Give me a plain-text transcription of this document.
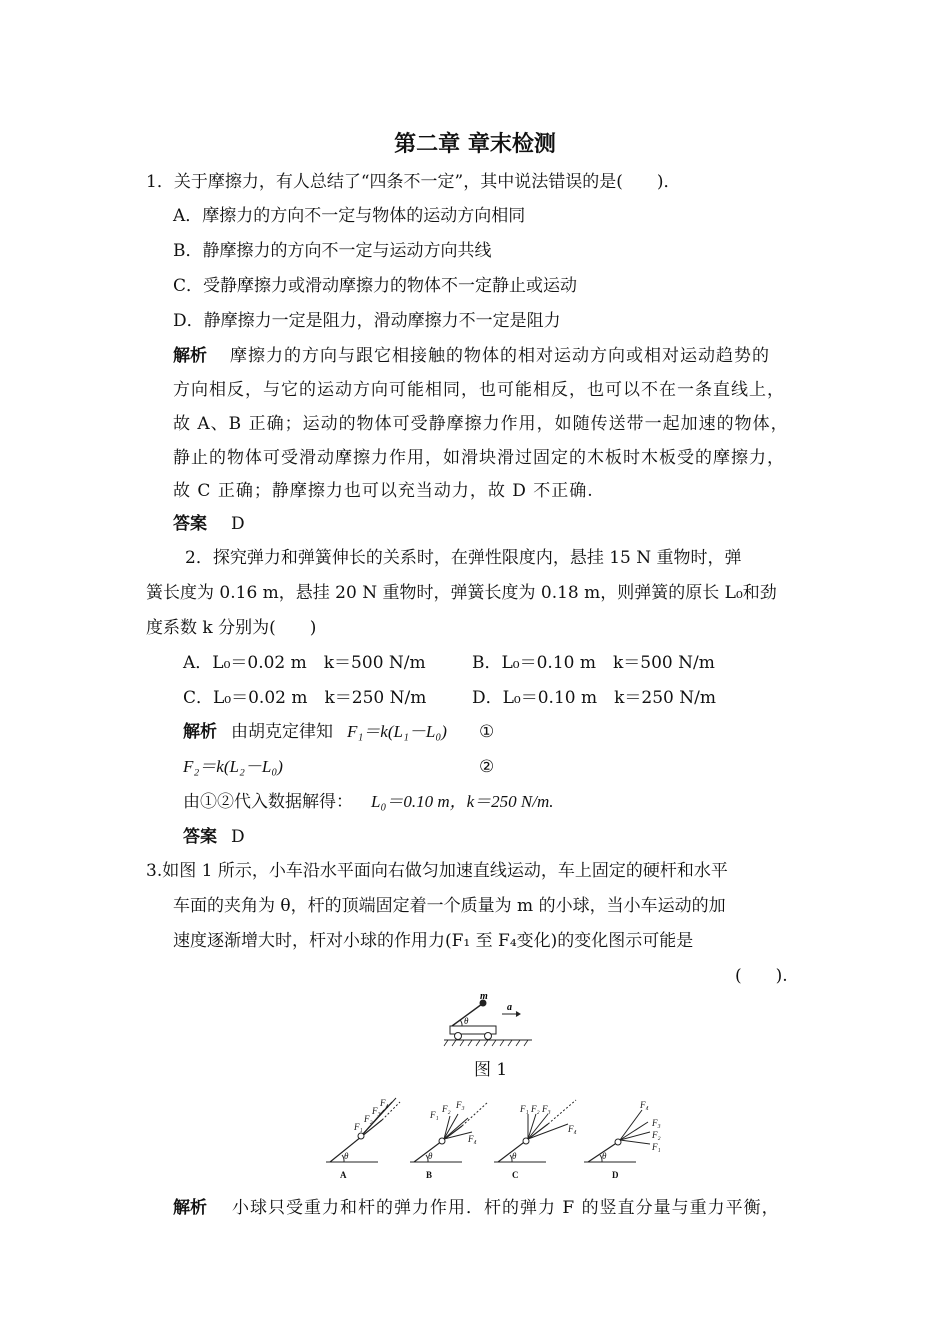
第二章 章末检测
1．关于摩擦力，有人总结了“四条不一定”，其中说法错误的是(　　)．
A．摩擦力的方向不一定与物体的运动方向相同
B．静摩擦力的方向不一定与运动方向共线
C．受静摩擦力或滑动摩擦力的物体不一定静止或运动
D．静摩擦力一定是阻力，滑动摩擦力不一定是阻力
解析 摩擦力的方向与跟它相接触的物体的相对运动方向或相对运动趋势的
方向相反，与它的运动方向可能相同，也可能相反，也可以不在一条直线上，
故 A、B 正确；运动的物体可受静摩擦力作用，如随传送带一起加速的物体，
静止的物体可受滑动摩擦力作用，如滑块滑过固定的木板时木板受的摩擦力，
故 C 正确；静摩擦力也可以充当动力，故 D 不正确.
答案 D
2．探究弹力和弹簧伸长的关系时，在弹性限度内，悬挂 15 N 重物时，弹
簧长度为 0.16 m，悬挂 20 N 重物时，弹簧长度为 0.18 m，则弹簧的原长 L₀和劲
度系数 k 分别为(　　)
A．L₀＝0.02 m　k＝500 N/m	B．L₀＝0.10 m　k＝500 N/m
C．L₀＝0.02 m　k＝250 N/m	D．L₀＝0.10 m　k＝250 N/m
解析 由胡克定律知 F₁＝k(L₁－L₀) ①
F₂＝k(L₂－L₀)	②
由①②代入数据解得： L₀＝0.10 m，k＝250 N/m.
答案 D
3.如图 1 所示，小车沿水平面向右做匀加速直线运动，车上固定的硬杆和水平
车面的夹角为 θ，杆的顶端固定着一个质量为 m 的小球，当小车运动的加
速度逐渐增大时，杆对小球的作用力(F₁ 至 F₄变化)的变化图示可能是
(　　).
m
a
θ
图 1
θ
F₁
F₂
F₃
F₄
A
θ
F₁
F₂ F₃
F₄
B
θ
F₁ F₂ F₃
F₄
C
θ
F₁
F₂
F₃
F₄
D
解析 小球只受重力和杆的弹力作用．杆的弹力 F 的竖直分量与重力平衡，
